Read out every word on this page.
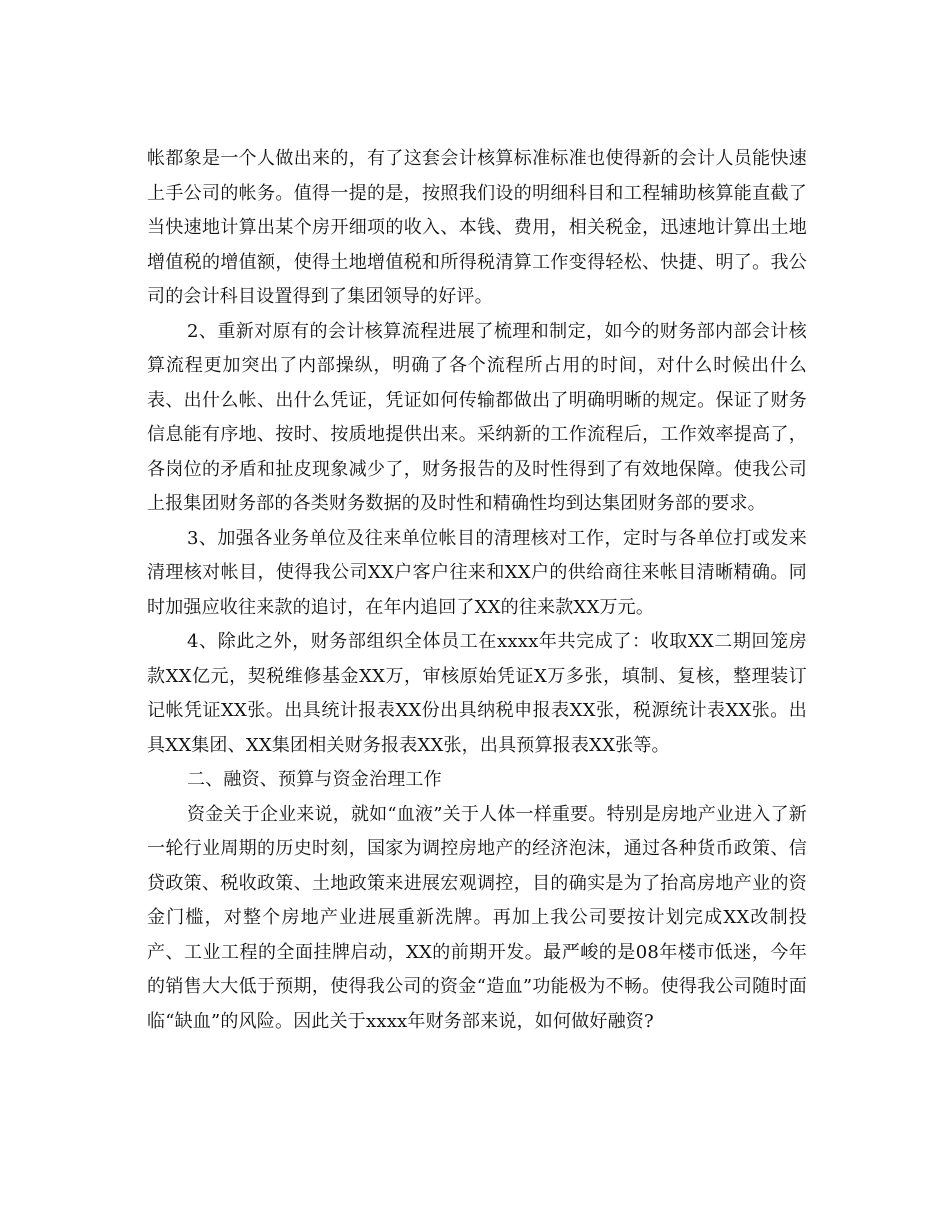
帐都象是一个人做出来的，有了这套会计核算标准标准也使得新的会计人员能快速上手公司的帐务。值得一提的是，按照我们设的明细科目和工程辅助核算能直截了当快速地计算出某个房开细项的收入、本钱、费用，相关税金，迅速地计算出土地增值税的增值额，使得土地增值税和所得税清算工作变得轻松、快捷、明了。我公司的会计科目设置得到了集团领导的好评。

2、重新对原有的会计核算流程进展了梳理和制定，如今的财务部内部会计核算流程更加突出了内部操纵，明确了各个流程所占用的时间，对什么时候出什么表、出什么帐、出什么凭证，凭证如何传输都做出了明确明晰的规定。保证了财务信息能有序地、按时、按质地提供出来。采纳新的工作流程后，工作效率提高了，各岗位的矛盾和扯皮现象减少了，财务报告的及时性得到了有效地保障。使我公司上报集团财务部的各类财务数据的及时性和精确性均到达集团财务部的要求。

3、加强各业务单位及往来单位帐目的清理核对工作，定时与各单位打或发来清理核对帐目，使得我公司XX户客户往来和XX户的供给商往来帐目清晰精确。同时加强应收往来款的追讨，在年内追回了XX的往来款XX万元。

4、除此之外，财务部组织全体员工在xxxx年共完成了：收取XX二期回笼房款XX亿元，契税维修基金XX万，审核原始凭证X万多张，填制、复核，整理装订记帐凭证XX张。出具统计报表XX份出具纳税申报表XX张，税源统计表XX张。出具XX集团、XX集团相关财务报表XX张，出具预算报表XX张等。

二、融资、预算与资金治理工作

资金关于企业来说，就如“血液”关于人体一样重要。特别是房地产业进入了新一轮行业周期的历史时刻，国家为调控房地产的经济泡沫，通过各种货币政策、信贷政策、税收政策、土地政策来进展宏观调控，目的确实是为了抬高房地产业的资金门槛，对整个房地产业进展重新洗牌。再加上我公司要按计划完成XX改制投产、工业工程的全面挂牌启动，XX的前期开发。最严峻的是08年楼市低迷，今年的销售大大低于预期，使得我公司的资金“造血”功能极为不畅。使得我公司随时面临“缺血”的风险。因此关于xxxx年财务部来说，如何做好融资?
